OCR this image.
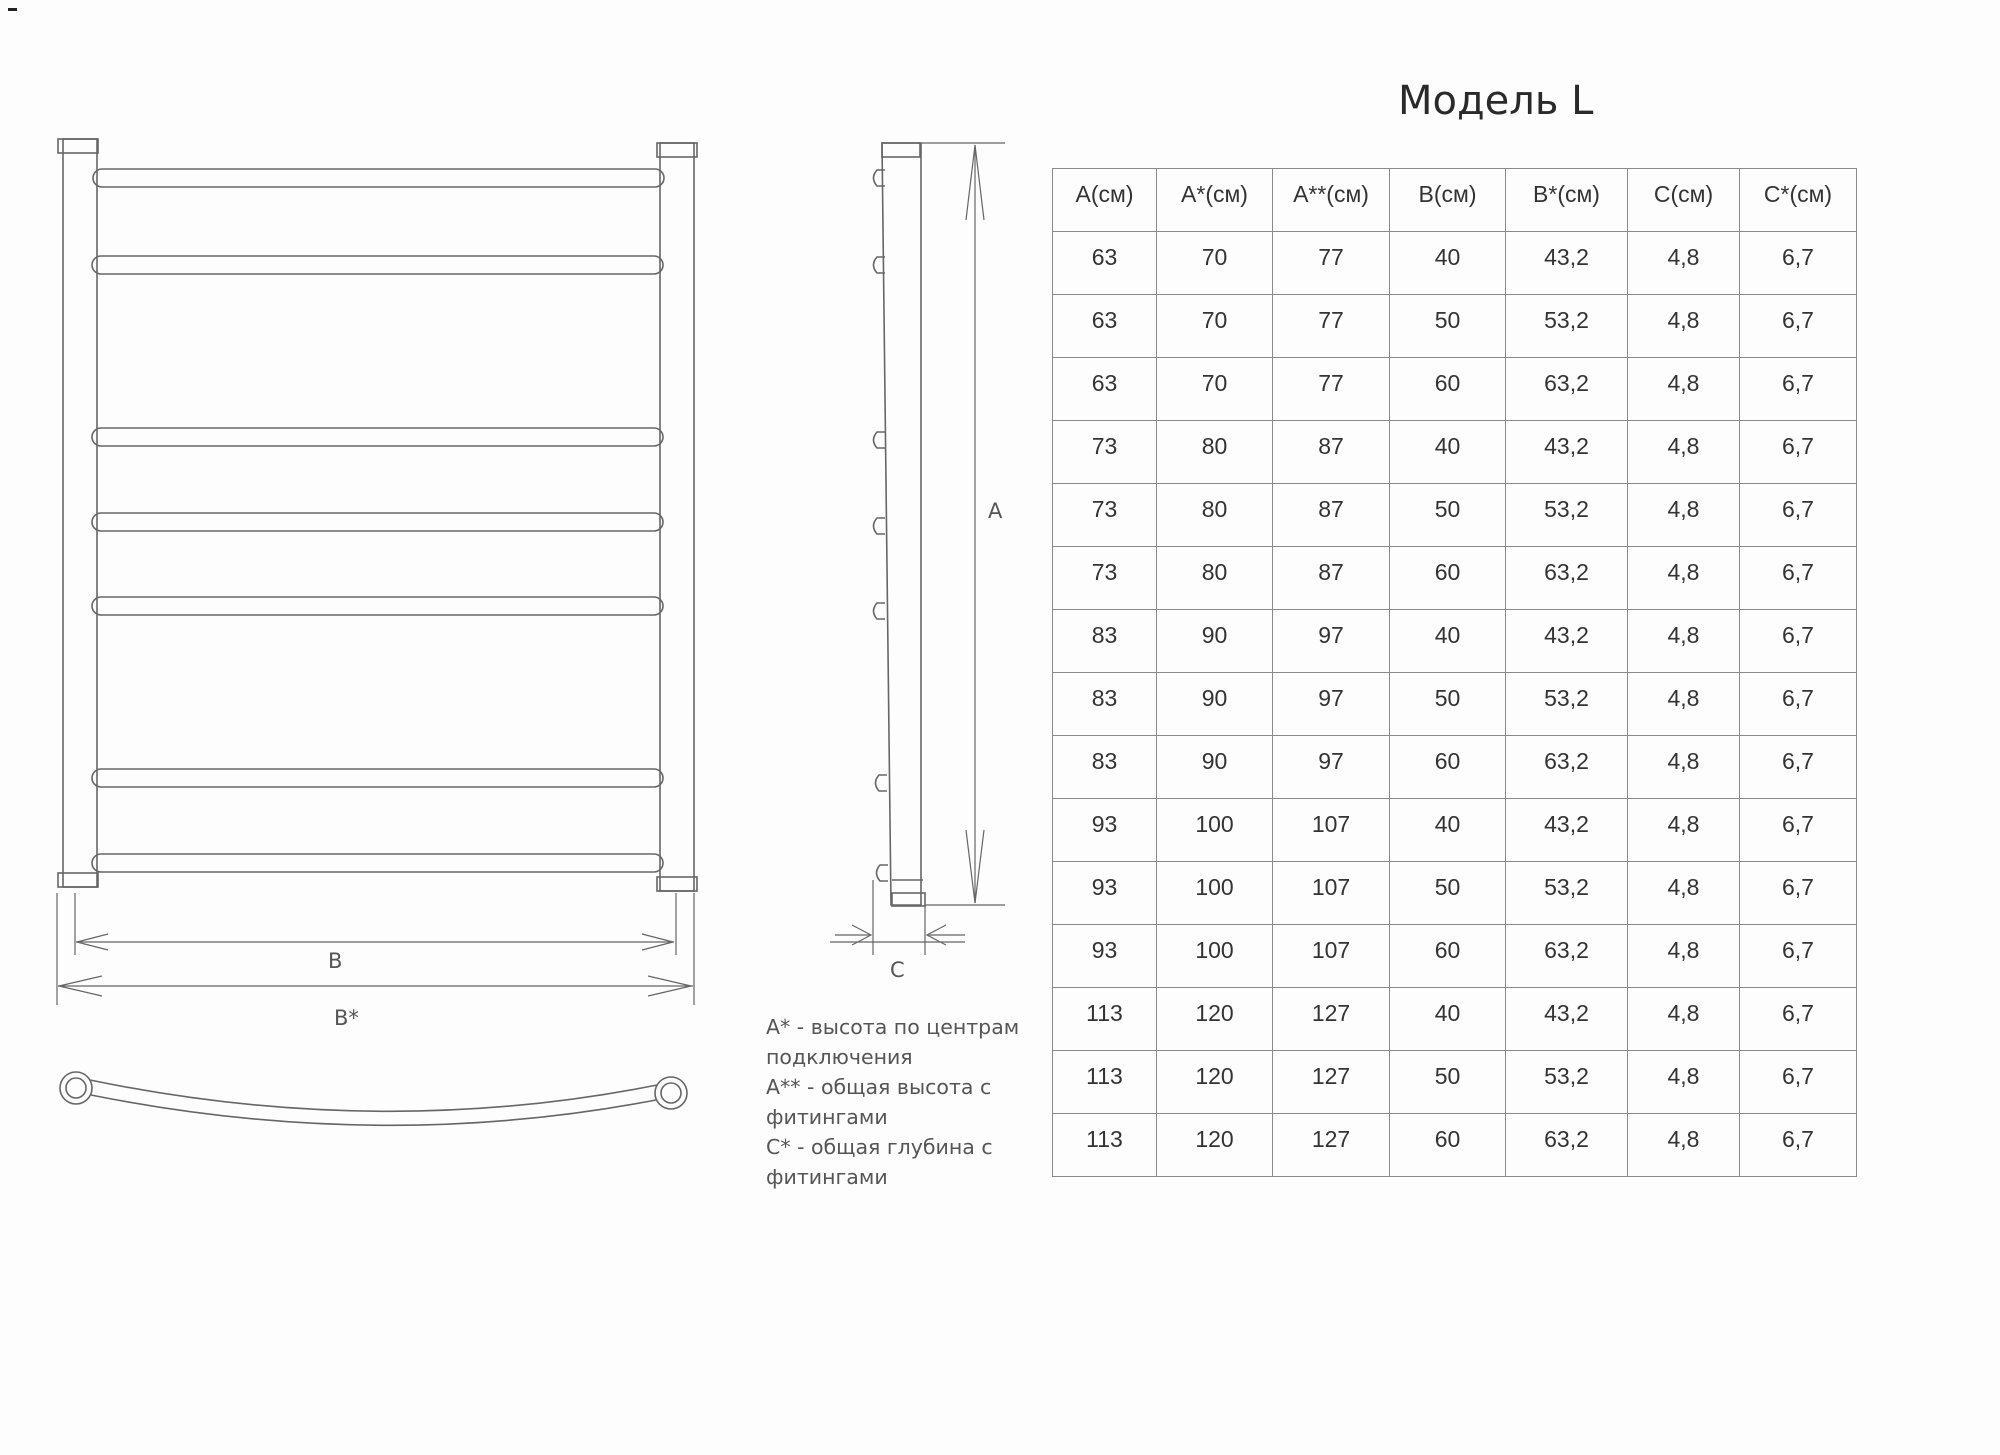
A
B
B*
C
Модель L
A* - высота по центрам
подключения
A** - общая высота с
фитингами
C* - общая глубина с
фитингами
A(см)	A*(см)	A**(см)	B(см)	B*(см)	C(см)	C*(см)
63	70	77	40	43,2	4,8	6,7
63	70	77	50	53,2	4,8	6,7
63	70	77	60	63,2	4,8	6,7
73	80	87	40	43,2	4,8	6,7
73	80	87	50	53,2	4,8	6,7
73	80	87	60	63,2	4,8	6,7
83	90	97	40	43,2	4,8	6,7
83	90	97	50	53,2	4,8	6,7
83	90	97	60	63,2	4,8	6,7
93	100	107	40	43,2	4,8	6,7
93	100	107	50	53,2	4,8	6,7
93	100	107	60	63,2	4,8	6,7
113	120	127	40	43,2	4,8	6,7
113	120	127	50	53,2	4,8	6,7
113	120	127	60	63,2	4,8	6,7
